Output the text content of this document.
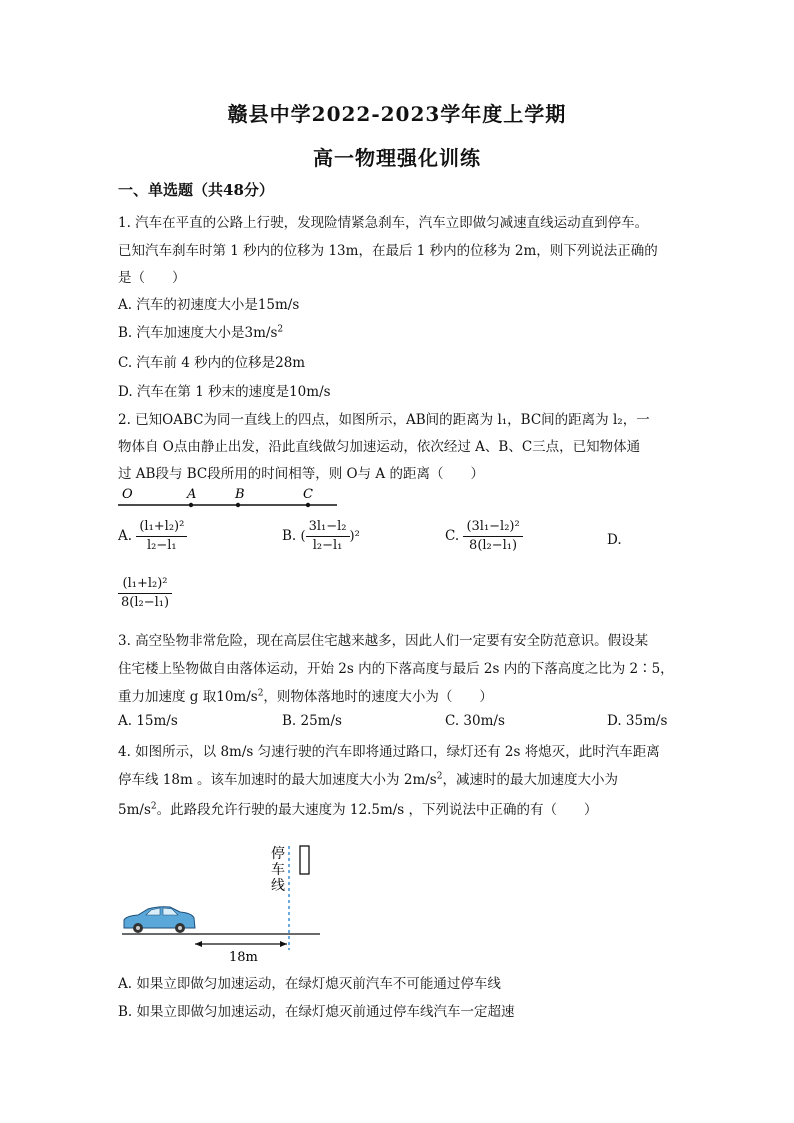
赣县中学2022-2023学年度上学期
高一物理强化训练
一、单选题（共48分）
1. 汽车在平直的公路上行驶，发现险情紧急刹车，汽车立即做匀减速直线运动直到停车。
已知汽车刹车时第 1 秒内的位移为 13m，在最后 1 秒内的位移为 2m，则下列说法正确的
是（　　）
A. 汽车的初速度大小是15m/s
B. 汽车加速度大小是$3m/s^2$
C. 汽车前 4 秒内的位移是28m
D. 汽车在第 1 秒末的速度是10m/s
2. 已知OABC为同一直线上的四点，如图所示，AB间的距离为 l₁，BC间的距离为 l₂，一
物体自 O点由静止出发，沿此直线做匀加速运动，依次经过 A、B、C三点，已知物体通
过 AB段与 BC段所用的时间相等，则 O与 A 的距离（　　）
O	A	B	C
A. $\frac{\text{(l₁+l₂)²}}{\text{l₂−l₁}}$	B. ( $\frac{\text{3l₁−l₂}}{\text{l₂−l₁}} )^2$	C. $\frac{\text{(3l₁−l₂)²}}{\text{8(l₂−l₁)}}$	D.
$\frac{\text{(l₁+l₂)²}}{\text{8(l₂−l₁)}}$
3. 高空坠物非常危险，现在高层住宅越来越多，因此人们一定要有安全防范意识。假设某
住宅楼上坠物做自由落体运动，开始 2s 内的下落高度与最后 2s 内的下落高度之比为 2∶5，
重力加速度 g 取$10m/s^2$，则物体落地时的速度大小为（　　）
A. 15m/s	B. 25m/s	C. 30m/s	D. 35m/s
4. 如图所示，以 8m/s 匀速行驶的汽车即将通过路口，绿灯还有 2s 将熄灭，此时汽车距离
停车线 18m 。该车加速时的最大加速度大小为 $2m/s^2$，减速时的最大加速度大小为
$5m/s^2$。此路段允许行驶的最大速度为 12.5m/s ，下列说法中正确的有（　　）
停
车
线
18m
A. 如果立即做匀加速运动，在绿灯熄灭前汽车不可能通过停车线
B. 如果立即做匀加速运动，在绿灯熄灭前通过停车线汽车一定超速
